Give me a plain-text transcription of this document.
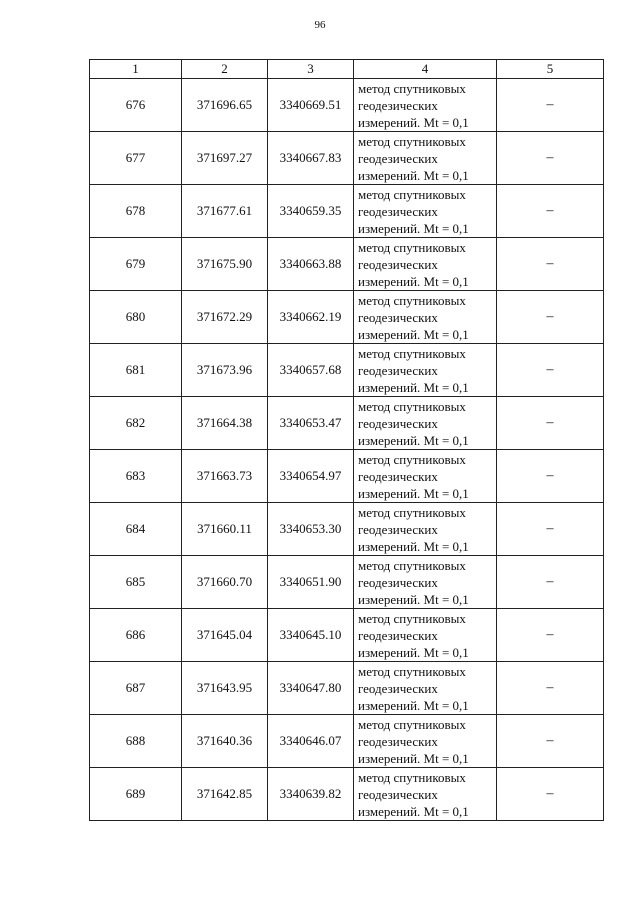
96
1	2	3	4	5
676	371696.65	3340669.51	метод спутниковых
геодезических
измерений. Mt = 0,1	–
677	371697.27	3340667.83	метод спутниковых
геодезических
измерений. Mt = 0,1	–
678	371677.61	3340659.35	метод спутниковых
геодезических
измерений. Mt = 0,1	–
679	371675.90	3340663.88	метод спутниковых
геодезических
измерений. Mt = 0,1	–
680	371672.29	3340662.19	метод спутниковых
геодезических
измерений. Mt = 0,1	–
681	371673.96	3340657.68	метод спутниковых
геодезических
измерений. Mt = 0,1	–
682	371664.38	3340653.47	метод спутниковых
геодезических
измерений. Mt = 0,1	–
683	371663.73	3340654.97	метод спутниковых
геодезических
измерений. Mt = 0,1	–
684	371660.11	3340653.30	метод спутниковых
геодезических
измерений. Mt = 0,1	–
685	371660.70	3340651.90	метод спутниковых
геодезических
измерений. Mt = 0,1	–
686	371645.04	3340645.10	метод спутниковых
геодезических
измерений. Mt = 0,1	–
687	371643.95	3340647.80	метод спутниковых
геодезических
измерений. Mt = 0,1	–
688	371640.36	3340646.07	метод спутниковых
геодезических
измерений. Mt = 0,1	–
689	371642.85	3340639.82	метод спутниковых
геодезических
измерений. Mt = 0,1	–
